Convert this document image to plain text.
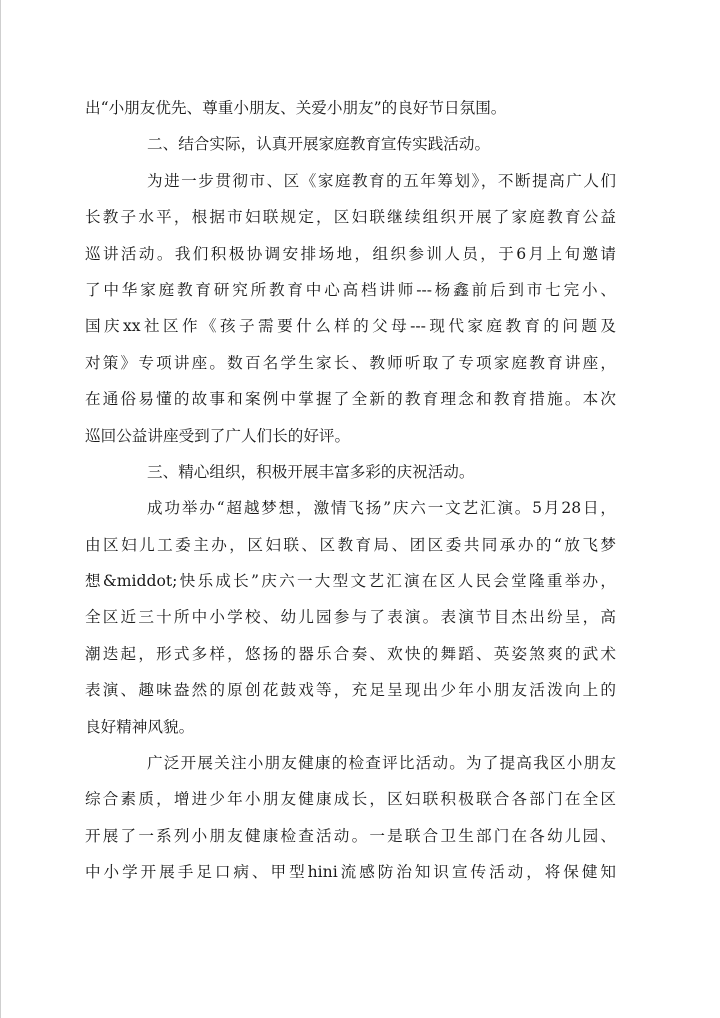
出“小朋友优先、尊重小朋友、关爱小朋友”的良好节日氛围。
二、结合实际，认真开展家庭教育宣传实践活动。
为进一步贯彻市、区《家庭教育的五年筹划》，不断提高广人们
长教子水平，根据市妇联规定，区妇联继续组织开展了家庭教育公益
巡讲活动。我们积极协调安排场地，组织参训人员，于6月上旬邀请
了中华家庭教育研究所教育中心高档讲师---杨鑫前后到市七完小、
国庆xx社区作《孩子需要什么样的父母---现代家庭教育的问题及
对策》专项讲座。数百名学生家长、教师听取了专项家庭教育讲座，
在通俗易懂的故事和案例中掌握了全新的教育理念和教育措施。本次
巡回公益讲座受到了广人们长的好评。
三、精心组织，积极开展丰富多彩的庆祝活动。
成功举办“超越梦想，激情飞扬”庆六一文艺汇演。5月28日，
由区妇儿工委主办，区妇联、区教育局、团区委共同承办的“放飞梦
想&middot;快乐成长”庆六一大型文艺汇演在区人民会堂隆重举办，
全区近三十所中小学校、幼儿园参与了表演。表演节目杰出纷呈，高
潮迭起，形式多样，悠扬的器乐合奏、欢快的舞蹈、英姿煞爽的武术
表演、趣味盎然的原创花鼓戏等，充足呈现出少年小朋友活泼向上的
良好精神风貌。
广泛开展关注小朋友健康的检查评比活动。为了提高我区小朋友
综合素质，增进少年小朋友健康成长，区妇联积极联合各部门在全区
开展了一系列小朋友健康检查活动。一是联合卫生部门在各幼儿园、
中小学开展手足口病、甲型hini流感防治知识宣传活动，将保健知
